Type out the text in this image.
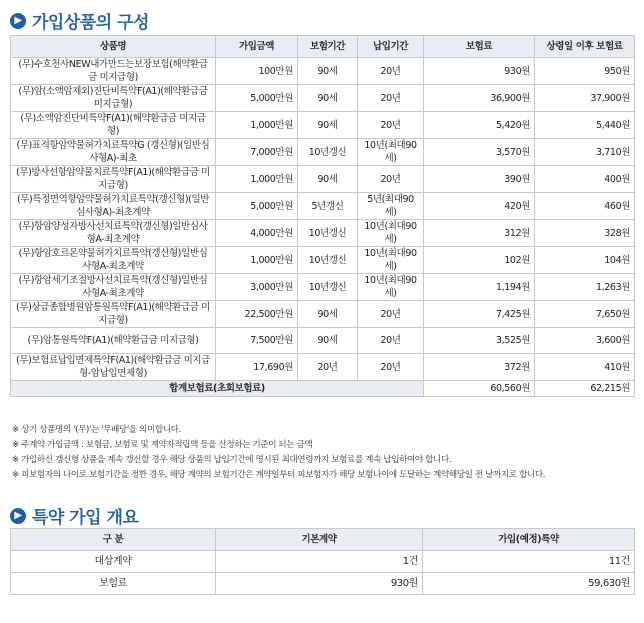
▶ 가입상품의 구성
상품명	가입금액	보험기간	납입기간	보험료	상령일 이후 보험료
(무)수호천사NEW내가만드는보장보험(해약환급금 미지급형)	100만원	90세	20년	930원	950원
(무)암(소액암제외)진단비특약F(A1)(해약환급금 미지급형)	5,000만원	90세	20년	36,900원	37,900원
(무)소액암진단비특약F(A1)(해약환급금 미지급형)	1,000만원	90세	20년	5,420원	5,440원
(무)표적항암약물허가치료특약G (갱신형)(일반심사형A)-최초	7,000만원	10년갱신	10년(최대90세)	3,570원	3,710원
(무)방사선항암약물치료특약F(A1)(해약환급금 미지급형)	1,000만원	90세	20년	390원	400원
(무)특정면역항암약물허가치료특약(갱신형)(일반심사형A)-최초계약	5,000만원	5년갱신	5년(최대90세)	420원	460원
(무)항암양성자방사선치료특약(갱신형)일반심사형A-최초계약	4,000만원	10년갱신	10년(최대90세)	312원	328원
(무)항암호르몬약물허가치료특약(갱신형)일반심사형A-최초계약	1,000만원	10년갱신	10년(최대90세)	102원	104원
(무)항암세기조절방사선치료특약(갱신형)일반심사형A-최초계약	3,000만원	10년갱신	10년(최대90세)	1,194원	1,263원
(무)상급종합병원암통원특약F(A1)(해약환급금 미지급형)	22,500만원	90세	20년	7,425원	7,650원
(무)암통원특약F(A1)(해약환급금 미지급형)	7,500만원	90세	20년	3,525원	3,600원
(무)보험료납입면제특약F(A1)(해약환급금 미지급형-암납입면제형)	17,690원	20년	20년	372원	410원
합계보험료(초회보험료)				60,560원	62,215원
※ 상기 상품명의 '(무)'는 '무배당'을 의미합니다.
※ 주계약 가입금액 : 보험금, 보험료 및 계약자적립액 등을 산정하는 기준이 되는 금액
※ 가입하신 갱신형 상품을 계속 갱신할 경우 해당 상품의 납입기간에 명시된 최대연령까지 보험료를 계속 납입하여야 합니다.
※ 피보험자의 나이로 보험기간을 정한 경우, 해당 계약의 보험기간은 계약일부터 피보험자가 해당 보험나이에 도달하는 계약해당일 전 날까지로 합니다.
▶ 특약 가입 개요
구 분	기본계약	가입(예정)특약
대상계약	1건	11건
보험료	930원	59,630원
